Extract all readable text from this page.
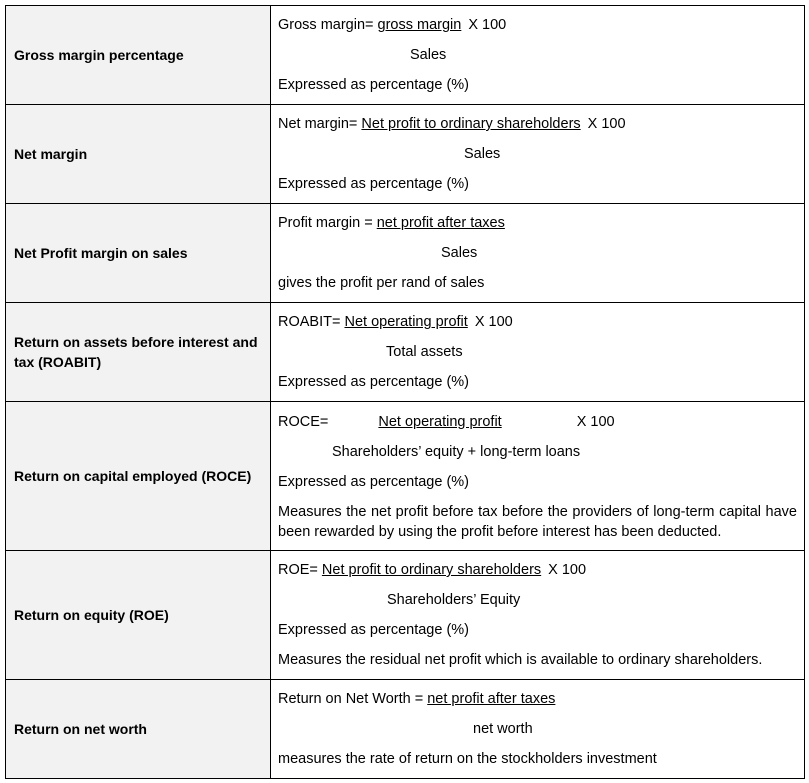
Gross margin percentage	Gross margin= gross margin X 100
Sales
Expressed as percentage (%)

Net margin	Net margin= Net profit to ordinary shareholders X 100
Sales
Expressed as percentage (%)

Net Profit margin on sales	Profit margin = net profit after taxes
Sales
gives the profit per rand of sales

Return on assets before interest and tax (ROABIT)	ROABIT= Net operating profit X 100
Total assets
Expressed as percentage (%)

Return on capital employed (ROCE)	ROCE= Net operating profit X 100
Shareholders’ equity + long-term loans
Expressed as percentage (%)
Measures the net profit before tax before the providers of long-term capital have been rewarded by using the profit before interest has been deducted.

Return on equity (ROE)	ROE= Net profit to ordinary shareholders X 100
Shareholders’ Equity
Expressed as percentage (%)
Measures the residual net profit which is available to ordinary shareholders.

Return on net worth	Return on Net Worth = net profit after taxes
net worth
measures the rate of return on the stockholders investment
